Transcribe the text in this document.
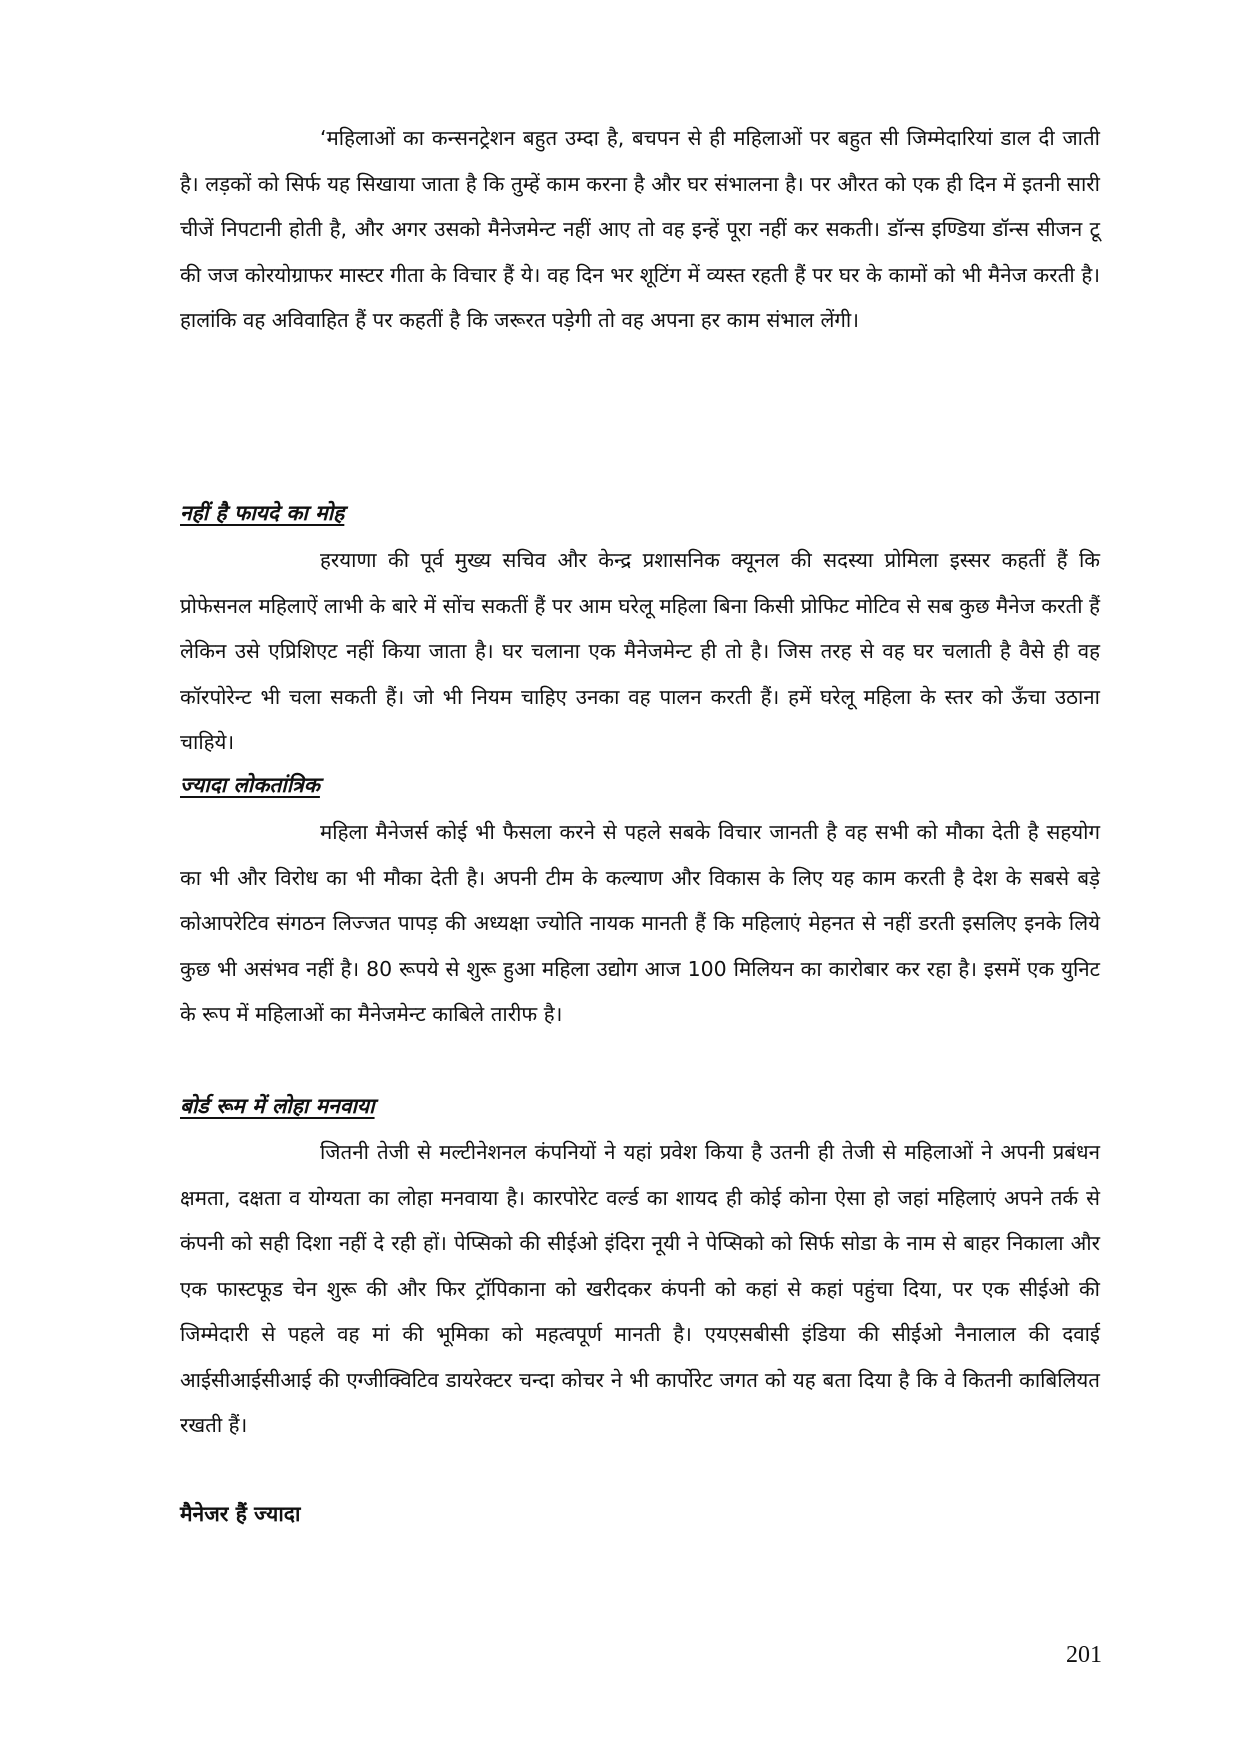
‘महिलाओं का कन्सनट्रेशन बहुत उम्दा है, बचपन से ही महिलाओं पर बहुत सी जिम्मेदारियां डाल दी जाती है। लड़कों को सिर्फ यह सिखाया जाता है कि तुम्हें काम करना है और घर संभालना है। पर औरत को एक ही दिन में इतनी सारी चीजें निपटानी होती है, और अगर उसको मैनेजमेन्ट नहीं आए तो वह इन्हें पूरा नहीं कर सकती। डॉन्स इण्डिया डॉन्स सीजन टू की जज कोरयोग्राफर मास्टर गीता के विचार हैं ये। वह दिन भर शूटिंग में व्यस्त रहती हैं पर घर के कामों को भी मैनेज करती है। हालांकि वह अविवाहित हैं पर कहतीं है कि जरूरत पड़ेगी तो वह अपना हर काम संभाल लेंगी।

नहीं है फायदे का मोह

हरयाणा की पूर्व मुख्य सचिव और केन्द्र प्रशासनिक क्यूनल की सदस्या प्रोमिला इस्सर कहतीं हैं कि प्रोफेसनल महिलाऐं लाभी के बारे में सोंच सकतीं हैं पर आम घरेलू महिला बिना किसी प्रोफिट मोटिव से सब कुछ मैनेज करती हैं लेकिन उसे एप्रिशिएट नहीं किया जाता है। घर चलाना एक मैनेजमेन्ट ही तो है। जिस तरह से वह घर चलाती है वैसे ही वह कॉरपोरेन्ट भी चला सकती हैं। जो भी नियम चाहिए उनका वह पालन करती हैं। हमें घरेलू महिला के स्तर को ऊँचा उठाना चाहिये।

ज्यादा लोकतांत्रिक

महिला मैनेजर्स कोई भी फैसला करने से पहले सबके विचार जानती है वह सभी को मौका देती है सहयोग का भी और विरोध का भी मौका देती है। अपनी टीम के कल्याण और विकास के लिए यह काम करती है देश के सबसे बड़े कोआपरेटिव संगठन लिज्जत पापड़ की अध्यक्षा ज्योति नायक मानती हैं कि महिलाएं मेहनत से नहीं डरती इसलिए इनके लिये कुछ भी असंभव नहीं है। 80 रूपये से शुरू हुआ महिला उद्योग आज 100 मिलियन का कारोबार कर रहा है। इसमें एक युनिट के रूप में महिलाओं का मैनेजमेन्ट काबिले तारीफ है।

बोर्ड रूम में लोहा मनवाया

जितनी तेजी से मल्टीनेशनल कंपनियों ने यहां प्रवेश किया है उतनी ही तेजी से महिलाओं ने अपनी प्रबंधन क्षमता, दक्षता व योग्यता का लोहा मनवाया है। कारपोरेट वर्ल्ड का शायद ही कोई कोना ऐसा हो जहां महिलाएं अपने तर्क से कंपनी को सही दिशा नहीं दे रही हों। पेप्सिको की सीईओ इंदिरा नूयी ने पेप्सिको को सिर्फ सोडा के नाम से बाहर निकाला और एक फास्टफूड चेन शुरू की और फिर ट्रॉपिकाना को खरीदकर कंपनी को कहां से कहां पहुंचा दिया, पर एक सीईओ की जिम्मेदारी से पहले वह मां की भूमिका को महत्वपूर्ण मानती है। एयएसबीसी इंडिया की सीईओ नैनालाल की दवाई आईसीआईसीआई की एग्जीक्विटिव डायरेक्टर चन्दा कोचर ने भी कार्पोरेट जगत को यह बता दिया है कि वे कितनी काबिलियत रखती हैं।

मैनेजर हैं ज्यादा
201
